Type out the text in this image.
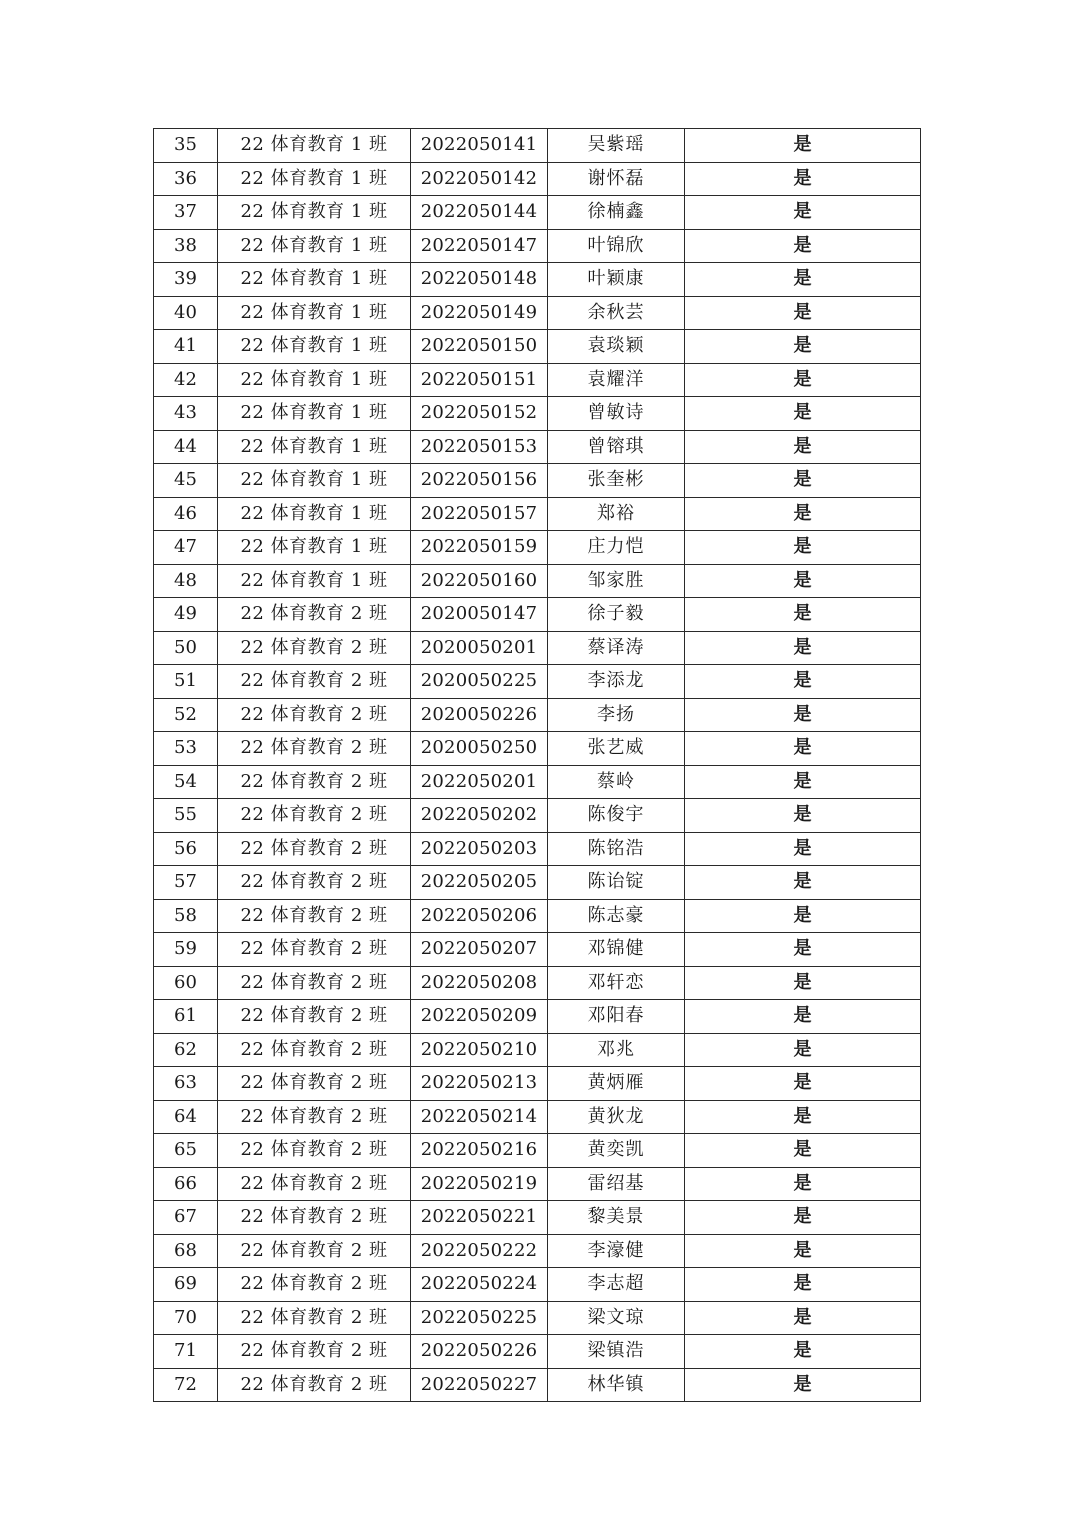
35	22 体育教育 1 班	2022050141	吴紫瑶	是
36	22 体育教育 1 班	2022050142	谢怀磊	是
37	22 体育教育 1 班	2022050144	徐楠鑫	是
38	22 体育教育 1 班	2022050147	叶锦欣	是
39	22 体育教育 1 班	2022050148	叶颖康	是
40	22 体育教育 1 班	2022050149	余秋芸	是
41	22 体育教育 1 班	2022050150	袁琰颖	是
42	22 体育教育 1 班	2022050151	袁耀洋	是
43	22 体育教育 1 班	2022050152	曾敏诗	是
44	22 体育教育 1 班	2022050153	曾镕琪	是
45	22 体育教育 1 班	2022050156	张奎彬	是
46	22 体育教育 1 班	2022050157	郑裕	是
47	22 体育教育 1 班	2022050159	庄力恺	是
48	22 体育教育 1 班	2022050160	邹家胜	是
49	22 体育教育 2 班	2020050147	徐子毅	是
50	22 体育教育 2 班	2020050201	蔡译涛	是
51	22 体育教育 2 班	2020050225	李添龙	是
52	22 体育教育 2 班	2020050226	李扬	是
53	22 体育教育 2 班	2020050250	张艺威	是
54	22 体育教育 2 班	2022050201	蔡岭	是
55	22 体育教育 2 班	2022050202	陈俊宇	是
56	22 体育教育 2 班	2022050203	陈铭浩	是
57	22 体育教育 2 班	2022050205	陈诒锭	是
58	22 体育教育 2 班	2022050206	陈志豪	是
59	22 体育教育 2 班	2022050207	邓锦健	是
60	22 体育教育 2 班	2022050208	邓轩恋	是
61	22 体育教育 2 班	2022050209	邓阳春	是
62	22 体育教育 2 班	2022050210	邓兆	是
63	22 体育教育 2 班	2022050213	黄炳雁	是
64	22 体育教育 2 班	2022050214	黄狄龙	是
65	22 体育教育 2 班	2022050216	黄奕凯	是
66	22 体育教育 2 班	2022050219	雷绍基	是
67	22 体育教育 2 班	2022050221	黎美景	是
68	22 体育教育 2 班	2022050222	李濠健	是
69	22 体育教育 2 班	2022050224	李志超	是
70	22 体育教育 2 班	2022050225	梁文琼	是
71	22 体育教育 2 班	2022050226	梁镇浩	是
72	22 体育教育 2 班	2022050227	林华镇	是
